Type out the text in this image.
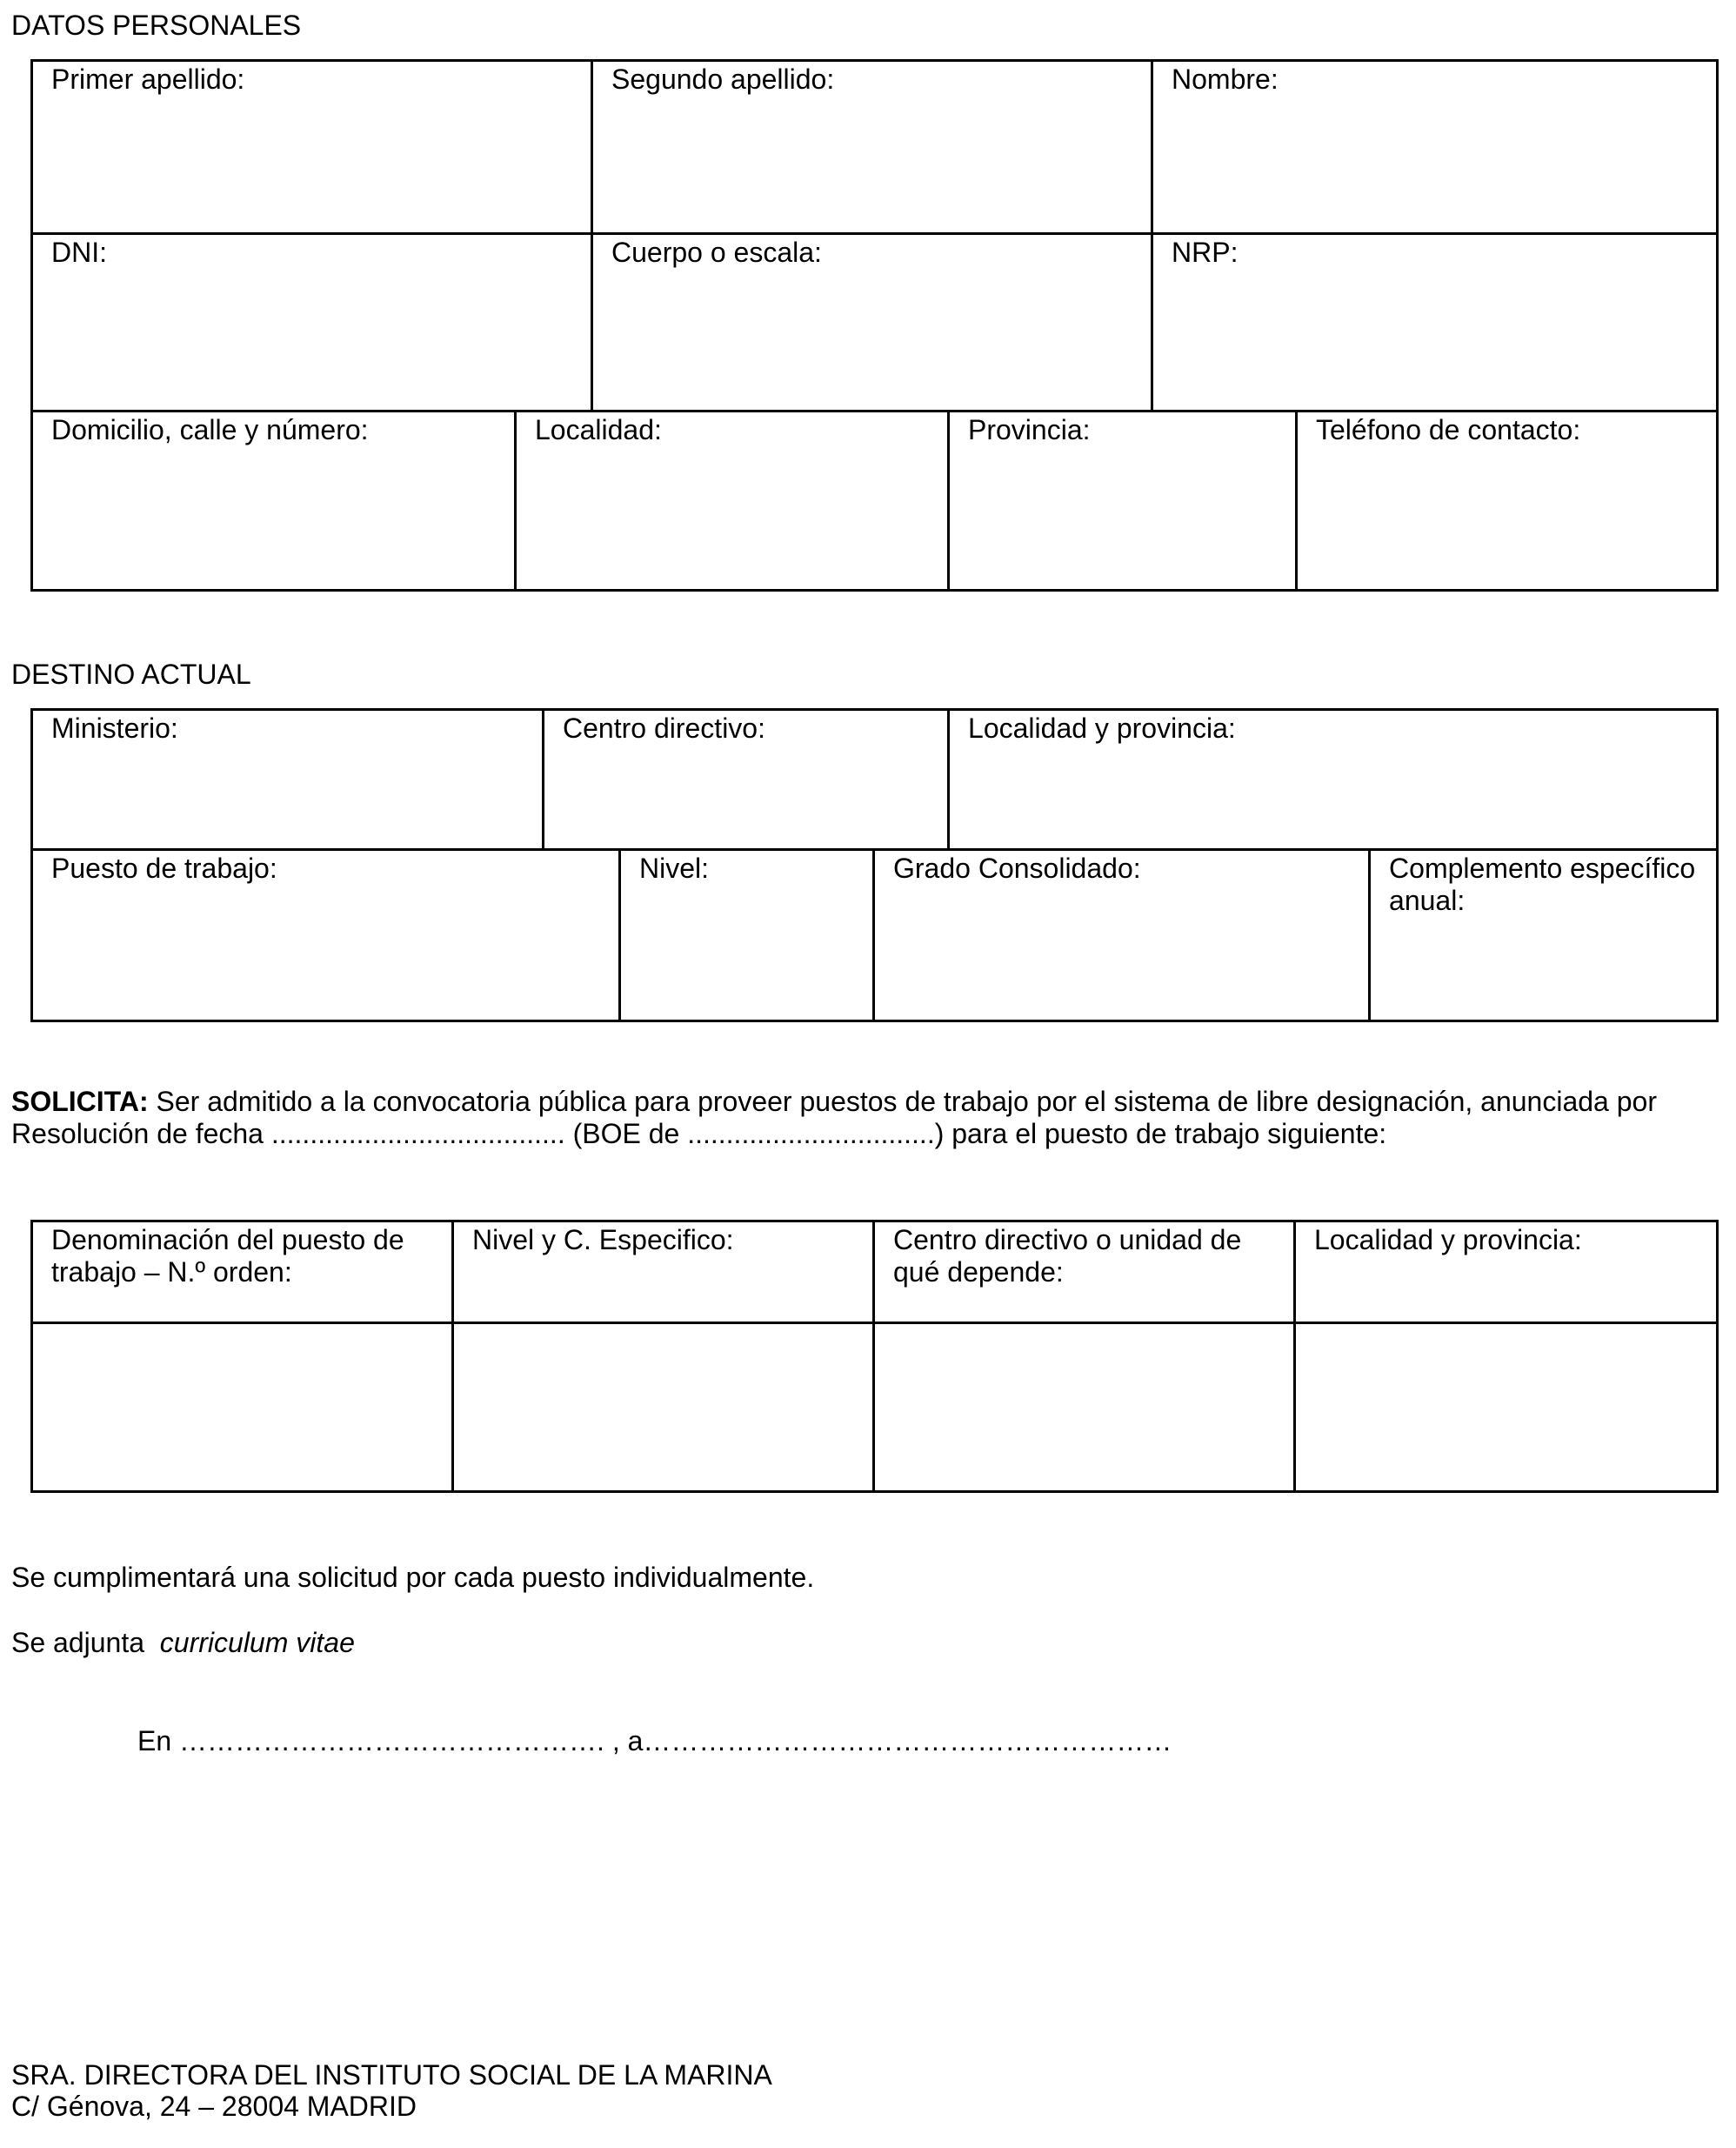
DATOS PERSONALES
Primer apellido:		Segundo apellido:		Nombre:	
DNI:		Cuerpo o escala:		NRP:	
Domicilio, calle y número:	Localidad:		Provincia:		Teléfono de contacto:
DESTINO ACTUAL
Ministerio:	Centro directivo:			Localidad y provincia:	
Puesto de trabajo:		Nivel:	Grado Consolidado:		Complemento específico anual:
SOLICITA: Ser admitido a la convocatoria pública para proveer puestos de trabajo por el sistema de libre designación, anunciada por Resolución de fecha ...................................... (BOE de ................................) para el puesto de trabajo siguiente:
Denominación del puesto de trabajo – N.º orden:	Nivel y C. Especifico:	Centro directivo o unidad de qué depende:	Localidad y provincia:

Se cumplimentará una solicitud por cada puesto individualmente.
Se adjunta  curriculum vitae
En ………………………………………. , a…………………………………………………
SRA. DIRECTORA DEL INSTITUTO SOCIAL DE LA MARINA
C/ Génova, 24 – 28004 MADRID
